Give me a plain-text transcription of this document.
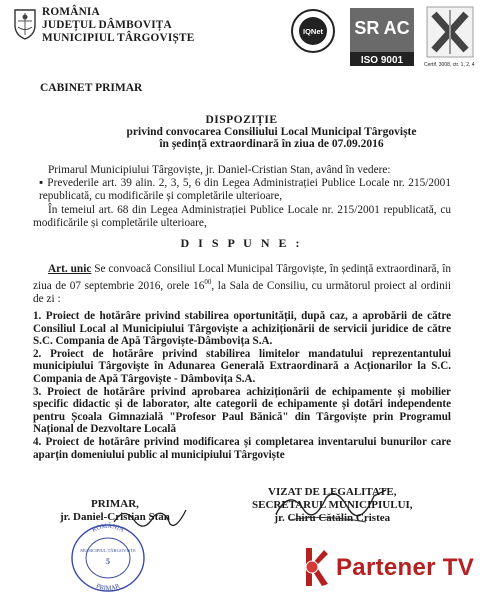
ROMÂNIA
JUDEȚUL DÂMBOVIȚA
MUNICIPIUL TÂRGOVIȘTE
IQNet SR AC
ISO 9001	Certif. 3008, ctr. 1, 2, 4
CABINET PRIMAR
DISPOZIȚIE
privind convocarea Consiliului Local Municipal Târgoviște
în ședință extraordinară în ziua de 07.09.2016
Primarul Municipiului Târgoviște, jr. Daniel-Cristian Stan, având în vedere:
▪ Prevederile art. 39 alin. 2, 3, 5, 6 din Legea Administrației Publice Locale nr. 215/2001 republicată, cu modificările și completările ulterioare,
În temeiul art. 68 din Legea Administrației Publice Locale nr. 215/2001 republicată, cu modificările și completările ulterioare,
D I S P U N E :
Art. unic Se convoacă Consiliul Local Municipal Târgoviște, în ședință extraordinară, în ziua de 07 septembrie 2016, orele $16^{00}$, la Sala de Consiliu, cu următorul proiect al ordinii de zi :
1. Proiect de hotărâre privind stabilirea oportunității, după caz, a aprobării de către Consiliul Local al Municipiului Târgoviște a achiziționării de servicii juridice de către S.C. Compania de Apă Târgoviște-Dâmbovița S.A.
2. Proiect de hotărâre privind stabilirea limitelor mandatului reprezentantului municipiului Târgoviște în Adunarea Generală Extraordinară a Acționarilor la S.C. Compania de Apă Târgoviște - Dâmbovița S.A.
3. Proiect de hotărâre privind aprobarea achiziționării de echipamente și mobilier specific didactic și de laborator, alte categorii de echipamente și dotări independente pentru Școala Gimnazială "Profesor Paul Bănică" din Târgoviște prin Programul Național de Dezvoltare Locală
4. Proiect de hotărâre privind modificarea și completarea inventarului bunurilor care aparțin domeniului public al municipiului Târgoviște
PRIMAR,
jr. Daniel-Cristian Stan
VIZAT DE LEGALITATE,
SECRETARUL MUNICIPIULUI,
jr. Chiru Cătălin Cristea
ROMÂNIA
MUNICIPIUL TÂRGOVIȘTE
5
PRIMAR
Partener TV
